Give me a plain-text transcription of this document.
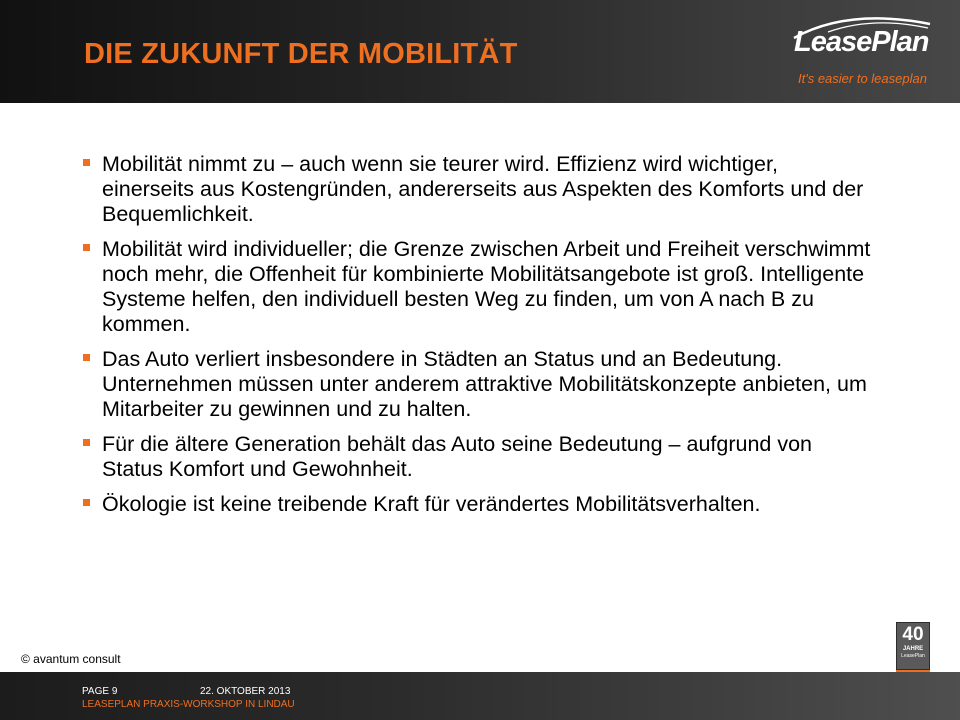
DIE ZUKUNFT DER MOBILITÄT	LeasePlan
It's easier to leaseplan
Mobilität nimmt zu – auch wenn sie teurer wird. Effizienz wird wichtiger, einerseits aus Kostengründen, andererseits aus Aspekten des Komforts und der Bequemlichkeit.
Mobilität wird individueller; die Grenze zwischen Arbeit und Freiheit verschwimmt noch mehr, die Offenheit für kombinierte Mobilitätsangebote ist groß. Intelligente Systeme helfen, den individuell besten Weg zu finden, um von A nach B zu kommen.
Das Auto verliert insbesondere in Städten an Status und an Bedeutung. Unternehmen müssen unter anderem attraktive Mobilitätskonzepte anbieten, um Mitarbeiter zu gewinnen und zu halten.
Für die ältere Generation behält das Auto seine Bedeutung – aufgrund von Status Komfort und Gewohnheit.
Ökologie ist keine treibende Kraft für verändertes Mobilitätsverhalten.
© avantum consult
40
JAHRE
LeasePlan
PAGE 9	22. OKTOBER 2013
LEASEPLAN PRAXIS-WORKSHOP IN LINDAU
